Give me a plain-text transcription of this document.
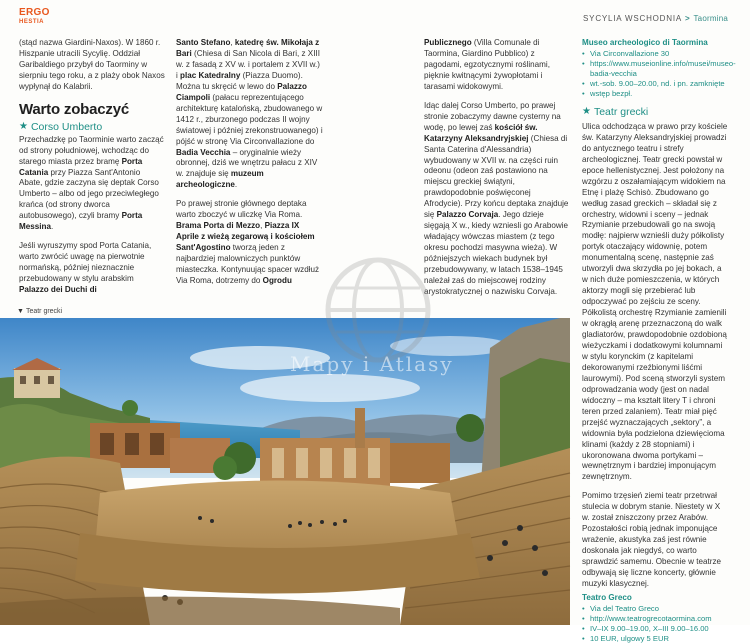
ERGO
HESTIA	SYCYLIA WSCHODNIA > Taormina

(stąd nazwa Giardini-Naxos). W 1860 r. Hiszpanie utracili Sycylię. Oddział Garibaldiego przybył do Taorminy w sierpniu tego roku, a z plaży obok Naxos wypłynął do Kalabrii.

Warto zobaczyć
★ Corso Umberto

Przechadzkę po Taorminie warto zacząć od strony południowej, wchodząc do starego miasta przez bramę Porta Catania przy Piazza Sant'Antonio Abate, gdzie zaczyna się deptak Corso Umberto – albo od jego przeciwległego krańca (od strony dworca autobusowego), czyli bramy Porta Messina.

Jeśli wyruszymy spod Porta Catania, warto zwrócić uwagę na pierwotnie normańską, później nieznacznie przebudowany w stylu arabskim Palazzo dei Duchi di

Santo Stefano, katedrę św. Mikołaja z Bari (Chiesa di San Nicola di Bari, z XIII w. z fasadą z XV w. i portalem z XVII w.) i plac Katedralny (Piazza Duomo). Można tu skręcić w lewo do Palazzo Ciampoli (pałacu reprezentującego architekturę katalońską, zbudowanego w 1412 r., zburzonego podczas II wojny światowej i później zrekonstruowanego) i pójść w stronę Via Circonvallazione do Badia Vecchia – oryginalnie wieży obronnej, dziś we wnętrzu pałacu z XIV w. znajduje się muzeum archeologiczne.

Po prawej stronie głównego deptaka warto zboczyć w uliczkę Via Roma. Brama Porta di Mezzo, Piazza IX Aprile z wieżą zegarową i kościołem Sant'Agostino tworzą jeden z najbardziej malowniczych punktów miasteczka. Kontynuując spacer wzdłuż Via Roma, dotrzemy do Ogrodu

Publicznego (Villa Comunale di Taormina, Giardino Pubblico) z pagodami, egzotycznymi roślinami, pięknie kwitnącymi żywopłotami i tarasami widokowymi.

Idąc dalej Corso Umberto, po prawej stronie zobaczymy dawne cysterny na wodę, po lewej zaś kościół św. Katarzyny Aleksandryjskiej (Chiesa di Santa Caterina d'Alessandria) wybudowany w XVII w. na części ruin odeonu (odeon zaś postawiono na miejscu greckiej świątyni, prawdopodobnie poświęconej Afrodycie). Przy końcu deptaka znajduje się Palazzo Corvaja. Jego dzieje sięgają X w., kiedy wzniesli go Arabowie władający wówczas miastem (z tego okresu pochodzi masywna wieża). W późniejszych wiekach budynek był przebudowywany, w latach 1538–1945 należał zaś do miejscowej rodziny arystokratycznej o nazwisku Corvaja.

Museo archeologico di Taormina
• Via Circonvallazione 30
• https://www.museionline.info/musei/museo-badia-vecchia
• wt.-sob. 9.00–20.00, nd. i pn. zamknięte
• wstęp bezpł.
★ Teatr grecki

Ulica odchodząca w prawo przy kościele św. Katarzyny Aleksandryjskiej prowadzi do antycznego teatru i strefy archeologicznej. Teatr grecki powstał w epoce hellenistycznej. Jest położony na wzgórzu z oszałamiającym widokiem na Etnę i plażę Schisò. Zbudowano go według zasad greckich – składał się z orchestry, widowni i sceny – jednak Rzymianie przebudowali go na swoją modłę: najpierw wznieśli duży półkolisty portyk otaczający widownię, potem monumentalną scenę, następnie zaś utworzyli dwa skrzydła po jej bokach, a w nich duże pomieszczenia, w których aktorzy mogli się przebierać lub odpoczywać po zejściu ze sceny. Półkolistą orchestrę Rzymianie zamienili w okrągłą arenę przeznaczoną do walk gladiatorów, prawdopodobnie ozdobioną wieżyczkami i dodatkowymi kolumnami w stylu korynckim (z kapitelami dekorowanymi rzeźbionymi liśćmi laurowymi). Pod sceną stworzyli system odprowadzania wody (jest on nadal widoczny – ma kształt litery T i chroni teren przed zalaniem). Teatr miał pięć przejść wyznaczających „sektory”, a widownia była podzielona dziewięcioma klinami (każdy z 28 stopniami) i ukoronowana dwoma portykami – wewnętrznym i bardziej imponującym zewnętrznym.

Pomimo trzęsień ziemi teatr przetrwał stulecia w dobrym stanie. Niestety w X w. został zniszczony przez Arabów. Pozostałości robią jednak imponujące wrażenie, akustyka zaś jest równie doskonała jak niegdyś, co warto sprawdzić samemu. Obecnie w teatrze odbywają się liczne koncerty, głównie muzyki klasycznej.

Teatro Greco
• Via del Teatro Greco
• http://www.teatrogrecotaormina.com
• IV–IX 9.00–19.00, X–III 9.00–16.00
• 10 EUR, ulgowy 5 EUR
▼ Teatr grecki
Mapy i Atlasy
